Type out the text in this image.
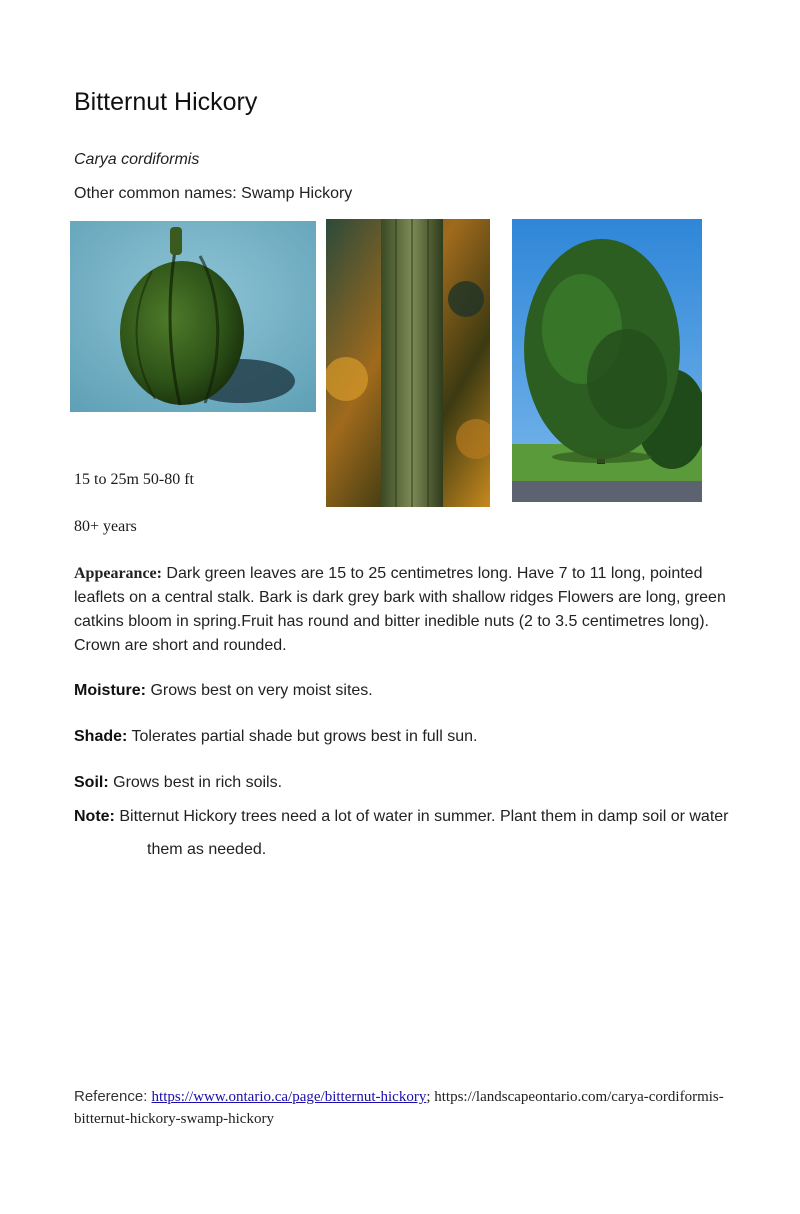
Bitternut Hickory
Carya cordiformis
Other common names: Swamp Hickory
15 to 25m 50-80 ft
80+ years
Appearance: Dark green leaves are 15 to 25 centimetres long. Have 7 to 11 long, pointed leaflets on a central stalk. Bark is dark grey bark with shallow ridges Flowers are long, green catkins bloom in spring.Fruit has round and bitter inedible nuts (2 to 3.5 centimetres long). Crown are short and rounded.
Moisture: Grows best on very moist sites.
Shade: Tolerates partial shade but grows best in full sun.
Soil: Grows best in rich soils.
Note: Bitternut Hickory trees need a lot of water in summer. Plant them in damp soil or water
them as needed.
Reference: https://www.ontario.ca/page/bitternut-hickory; https://landscapeontario.com/carya-cordiformis-bitternut-hickory-swamp-hickory
